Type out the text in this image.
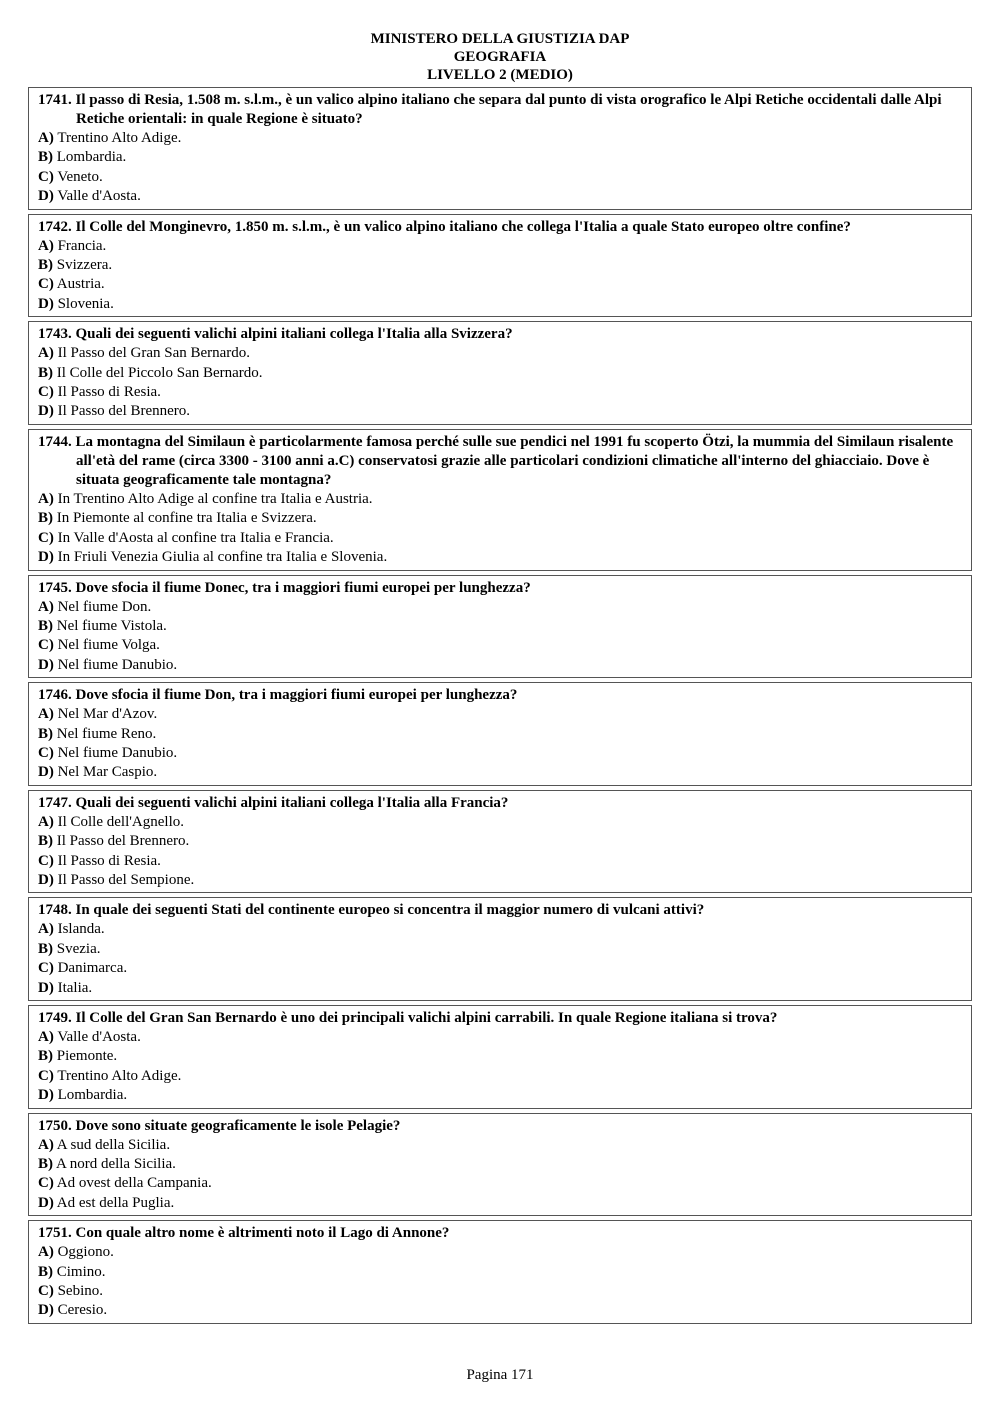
MINISTERO DELLA GIUSTIZIA DAP
GEOGRAFIA
LIVELLO 2 (MEDIO)
1741. Il passo di Resia, 1.508 m. s.l.m., è un valico alpino italiano che separa dal punto di vista orografico le Alpi Retiche occidentali dalle Alpi Retiche orientali: in quale Regione è situato?
A) Trentino Alto Adige.
B) Lombardia.
C) Veneto.
D) Valle d'Aosta.
1742. Il Colle del Monginevro, 1.850 m. s.l.m., è un valico alpino italiano che collega l'Italia a quale Stato europeo oltre confine?
A) Francia.
B) Svizzera.
C) Austria.
D) Slovenia.
1743. Quali dei seguenti valichi alpini italiani collega l'Italia alla Svizzera?
A) Il Passo del Gran San Bernardo.
B) Il Colle del Piccolo San Bernardo.
C) Il Passo di Resia.
D) Il Passo del Brennero.
1744. La montagna del Similaun è particolarmente famosa perché sulle sue pendici nel 1991 fu scoperto Ötzi, la mummia del Similaun risalente all'età del rame (circa 3300 - 3100 anni a.C) conservatosi grazie alle particolari condizioni climatiche all'interno del ghiacciaio. Dove è situata geograficamente tale montagna?
A) In Trentino Alto Adige al confine tra Italia e Austria.
B) In Piemonte al confine tra Italia e Svizzera.
C) In Valle d'Aosta al confine tra Italia e Francia.
D) In Friuli Venezia Giulia al confine tra Italia e Slovenia.
1745. Dove sfocia il fiume Donec, tra i maggiori fiumi europei per lunghezza?
A) Nel fiume Don.
B) Nel fiume Vistola.
C) Nel fiume Volga.
D) Nel fiume Danubio.
1746. Dove sfocia il fiume Don, tra i maggiori fiumi europei per lunghezza?
A) Nel Mar d'Azov.
B) Nel fiume Reno.
C) Nel fiume Danubio.
D) Nel Mar Caspio.
1747. Quali dei seguenti valichi alpini italiani collega l'Italia alla Francia?
A) Il Colle dell'Agnello.
B) Il Passo del Brennero.
C) Il Passo di Resia.
D) Il Passo del Sempione.
1748. In quale dei seguenti Stati del continente europeo si concentra il maggior numero di vulcani attivi?
A) Islanda.
B) Svezia.
C) Danimarca.
D) Italia.
1749. Il Colle del Gran San Bernardo è uno dei principali valichi alpini carrabili. In quale Regione italiana si trova?
A) Valle d'Aosta.
B) Piemonte.
C) Trentino Alto Adige.
D) Lombardia.
1750. Dove sono situate geograficamente le isole Pelagie?
A) A sud della Sicilia.
B) A nord della Sicilia.
C) Ad ovest della Campania.
D) Ad est della Puglia.
1751. Con quale altro nome è altrimenti noto il Lago di Annone?
A) Oggiono.
B) Cimino.
C) Sebino.
D) Ceresio.
Pagina 171
